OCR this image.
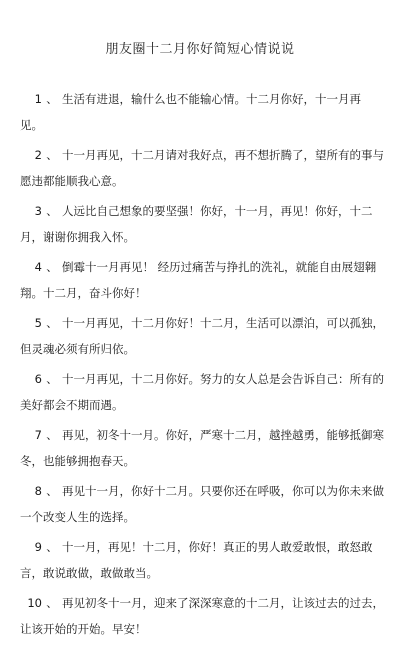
朋友圈十二月你好简短心情说说

1 、 生活有进退，输什么也不能输心情。十二月你好，十一月再 见。

2 、 十一月再见，十二月请对我好点，再不想折腾了，望所有的事与愿违都能顺我心意。

3 、 人远比自己想象的要坚强！你好，十一月，再见！你好，十二月，谢谢你拥我入怀。

4 、 倒霉十一月再见！ 经历过痛苦与挣扎的洗礼，就能自由展翅翱翔。十二月，奋斗你好！

5 、 十一月再见，十二月你好！十二月，生活可以漂泊，可以孤独，但灵魂必须有所归依。

6 、 十一月再见，十二月你好。努力的女人总是会告诉自己：所有的美好都会不期而遇。

7 、 再见，初冬十一月。你好，严寒十二月，越挫越勇，能够抵御寒冬，也能够拥抱春天。

8 、 再见十一月，你好十二月。只要你还在呼吸，你可以为你未来做一个改变人生的选择。

9 、 十一月，再见！十二月，你好！真正的男人敢爱敢恨，敢怒敢言，敢说敢做，敢做敢当。

10 、 再见初冬十一月，迎来了深深寒意的十二月，让该过去的过去，让该开始的开始。早安！
